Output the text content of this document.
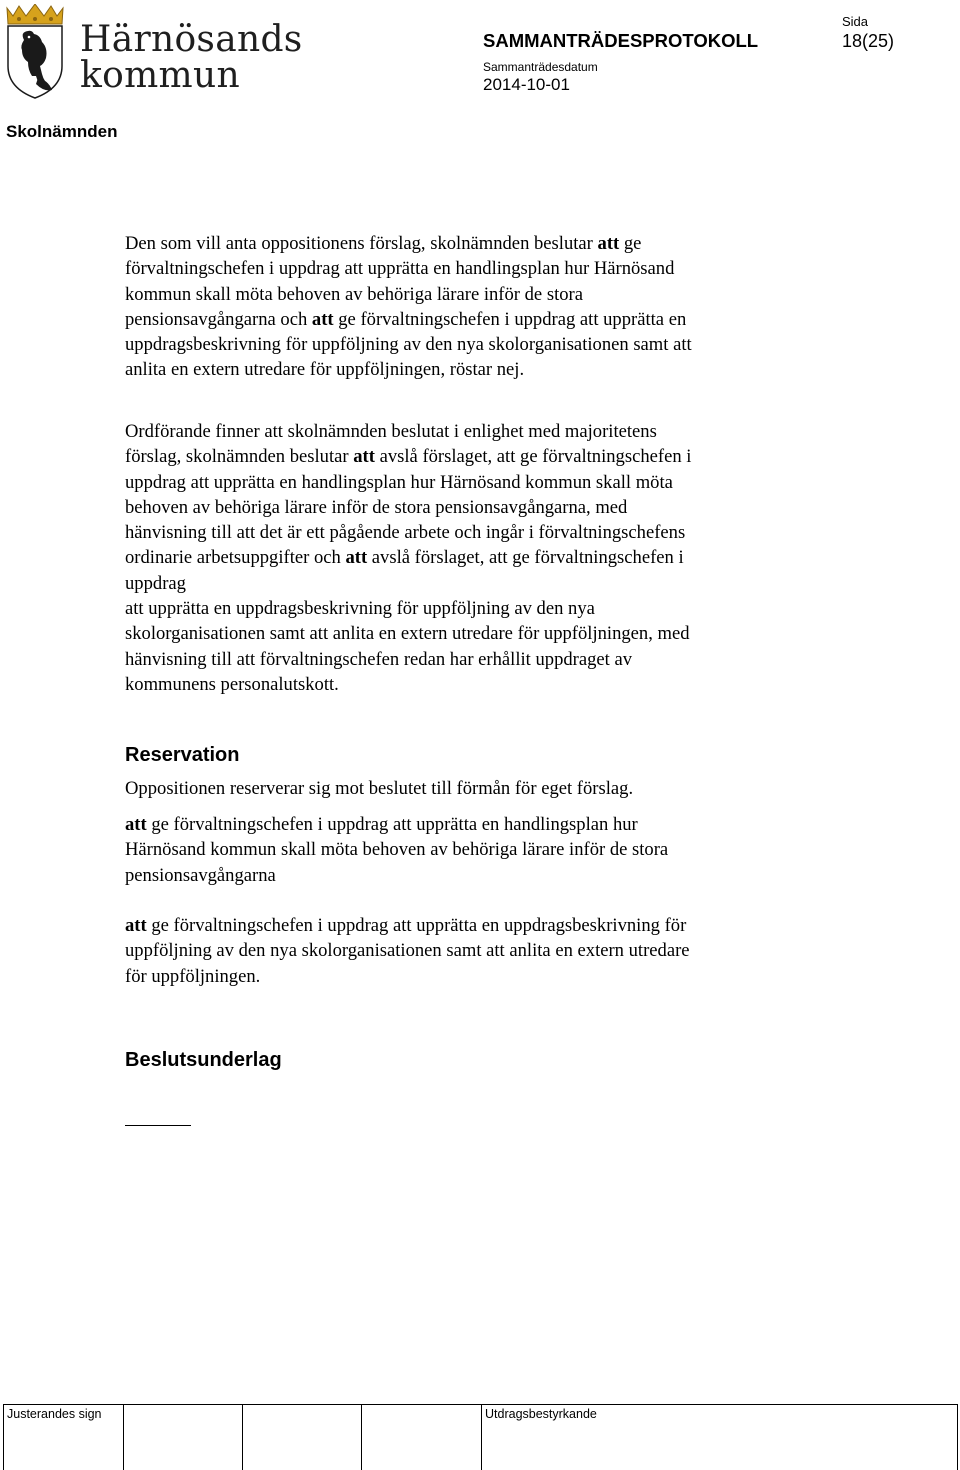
Härnösands
kommun
SAMMANTRÄDESPROTOKOLL
Sammanträdesdatum
2014-10-01
Sida
18(25)
Skolnämnden
Den som vill anta oppositionens förslag, skolnämnden beslutar att ge
förvaltningschefen i uppdrag att upprätta en handlingsplan hur Härnösand
kommun skall möta behoven av behöriga lärare inför de stora
pensionsavgångarna och att ge förvaltningschefen i uppdrag att upprätta en
uppdragsbeskrivning för uppföljning av den nya skolorganisationen samt att
anlita en extern utredare för uppföljningen, röstar nej.
Ordförande finner att skolnämnden beslutat i enlighet med majoritetens
förslag, skolnämnden beslutar att avslå förslaget, att ge förvaltningschefen i
uppdrag att upprätta en handlingsplan hur Härnösand kommun skall möta
behoven av behöriga lärare inför de stora pensionsavgångarna, med
hänvisning till att det är ett pågående arbete och ingår i förvaltningschefens
ordinarie arbetsuppgifter och att avslå förslaget, att ge förvaltningschefen i
uppdrag
att upprätta en uppdragsbeskrivning för uppföljning av den nya
skolorganisationen samt att anlita en extern utredare för uppföljningen, med
hänvisning till att förvaltningschefen redan har erhållit uppdraget av
kommunens personalutskott.
Reservation
Oppositionen reserverar sig mot beslutet till förmån för eget förslag.
att ge förvaltningschefen i uppdrag att upprätta en handlingsplan hur
Härnösand kommun skall möta behoven av behöriga lärare inför de stora
pensionsavgångarna
att ge förvaltningschefen i uppdrag att upprätta en uppdragsbeskrivning för
uppföljning av den nya skolorganisationen samt att anlita en extern utredare
för uppföljningen.
Beslutsunderlag
Justerandes sign	Utdragsbestyrkande
